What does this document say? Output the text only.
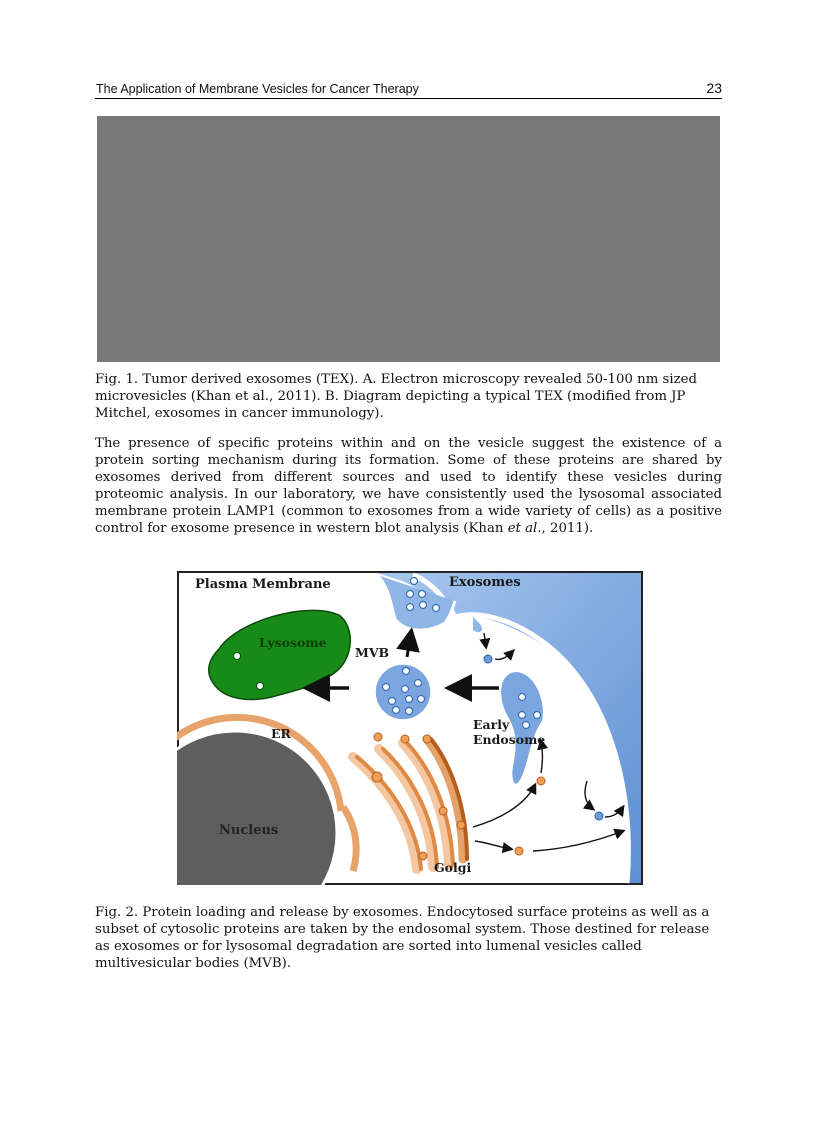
The Application of Membrane Vesicles for Cancer Therapy	23

Fig. 1. Tumor derived exosomes (TEX). A. Electron microscopy revealed 50-100 nm sized microvesicles (Khan et al., 2011). B. Diagram depicting a typical TEX (modified from JP Mitchel, exosomes in cancer immunology).

The presence of specific proteins within and on the vesicle suggest the existence of a protein sorting mechanism during its formation. Some of these proteins are shared by exosomes derived from different sources and used to identify these vesicles during proteomic analysis. In our laboratory, we have consistently used the lysosomal associated membrane protein LAMP1 (common to exosomes from a wide variety of cells) as a positive control for exosome presence in western blot analysis (Khan et al., 2011).

Plasma Membrane	Exosomes
Lysosome
MVB
ER
Early
Endosome
Nucleus
Golgi

Fig. 2. Protein loading and release by exosomes. Endocytosed surface proteins as well as a subset of cytosolic proteins are taken by the endosomal system. Those destined for release as exosomes or for lysosomal degradation are sorted into lumenal vesicles called multivesicular bodies (MVB).
